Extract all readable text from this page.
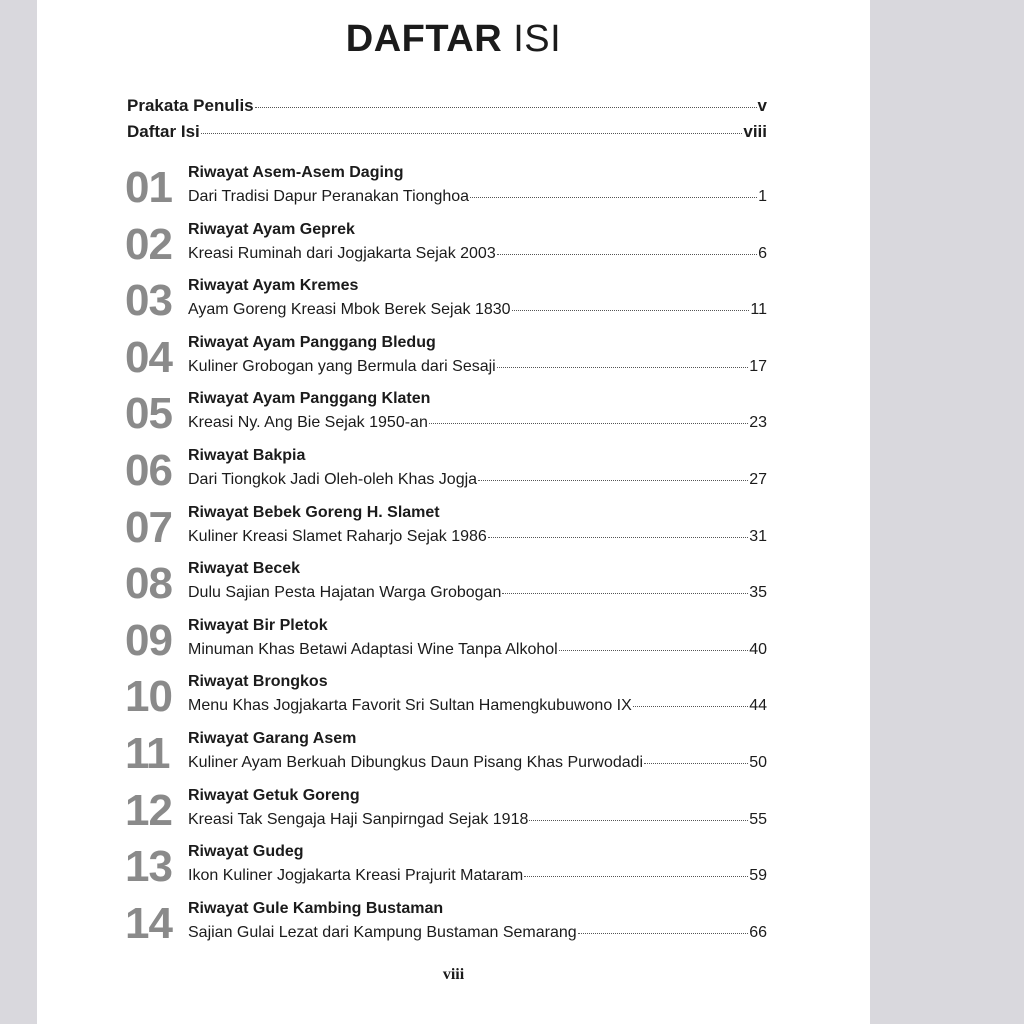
DAFTAR ISI
Prakata Penulis	v
Daftar Isi	viii
01 Riwayat Asem-Asem Daging
Dari Tradisi Dapur Peranakan Tionghoa	1
02 Riwayat Ayam Geprek
Kreasi Ruminah dari Jogjakarta Sejak 2003	6
03 Riwayat Ayam Kremes
Ayam Goreng Kreasi Mbok Berek Sejak 1830	11
04 Riwayat Ayam Panggang Bledug
Kuliner Grobogan yang Bermula dari Sesaji	17
05 Riwayat Ayam Panggang Klaten
Kreasi Ny. Ang Bie Sejak 1950-an	23
06 Riwayat Bakpia
Dari Tiongkok Jadi Oleh-oleh Khas Jogja	27
07 Riwayat Bebek Goreng H. Slamet
Kuliner Kreasi Slamet Raharjo Sejak 1986	31
08 Riwayat Becek
Dulu Sajian Pesta Hajatan Warga Grobogan	35
09 Riwayat Bir Pletok
Minuman Khas Betawi Adaptasi Wine Tanpa Alkohol	40
10 Riwayat Brongkos
Menu Khas Jogjakarta Favorit Sri Sultan Hamengkubuwono IX	44
11 Riwayat Garang Asem
Kuliner Ayam Berkuah Dibungkus Daun Pisang Khas Purwodadi	50
12 Riwayat Getuk Goreng
Kreasi Tak Sengaja Haji Sanpirngad Sejak 1918	55
13 Riwayat Gudeg
Ikon Kuliner Jogjakarta Kreasi Prajurit Mataram	59
14 Riwayat Gule Kambing Bustaman
Sajian Gulai Lezat dari Kampung Bustaman Semarang	66
viii
